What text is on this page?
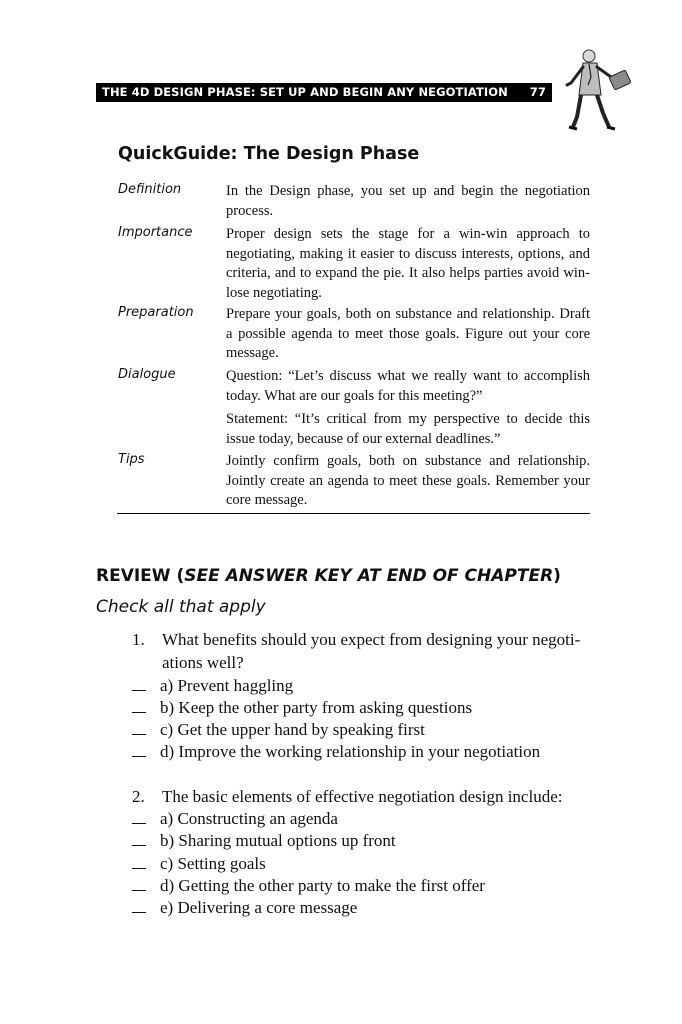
THE 4D DESIGN PHASE: SET UP AND BEGIN ANY NEGOTIATION 77
QuickGuide: The Design Phase
Definition	In the Design phase, you set up and begin the negotiation process.

Importance Proper design sets the stage for a win-win approach to negotiating, making it easier to discuss interests, options, and criteria, and to expand the pie. It also helps parties avoid win-lose negotiating.

Preparation Prepare your goals, both on substance and relationship. Draft a possible agenda to meet those goals. Figure out your core message.

Dialogue	Question: “Let’s discuss what we really want to accomplish today. What are our goals for this meeting?”

Statement: “It’s critical from my perspective to decide this issue today, because of our external deadlines.”

Tips	Jointly confirm goals, both on substance and relationship. Jointly create an agenda to meet these goals. Remember your core message.

REVIEW (SEE ANSWER KEY AT END OF CHAPTER)
Check all that apply
1. What benefits should you expect from designing your negoti- ations well?
a) Prevent haggling
b) Keep the other party from asking questions
c) Get the upper hand by speaking first
d) Improve the working relationship in your negotiation
2. The basic elements of effective negotiation design include:
a) Constructing an agenda
b) Sharing mutual options up front
c) Setting goals
d) Getting the other party to make the first offer
e) Delivering a core message
